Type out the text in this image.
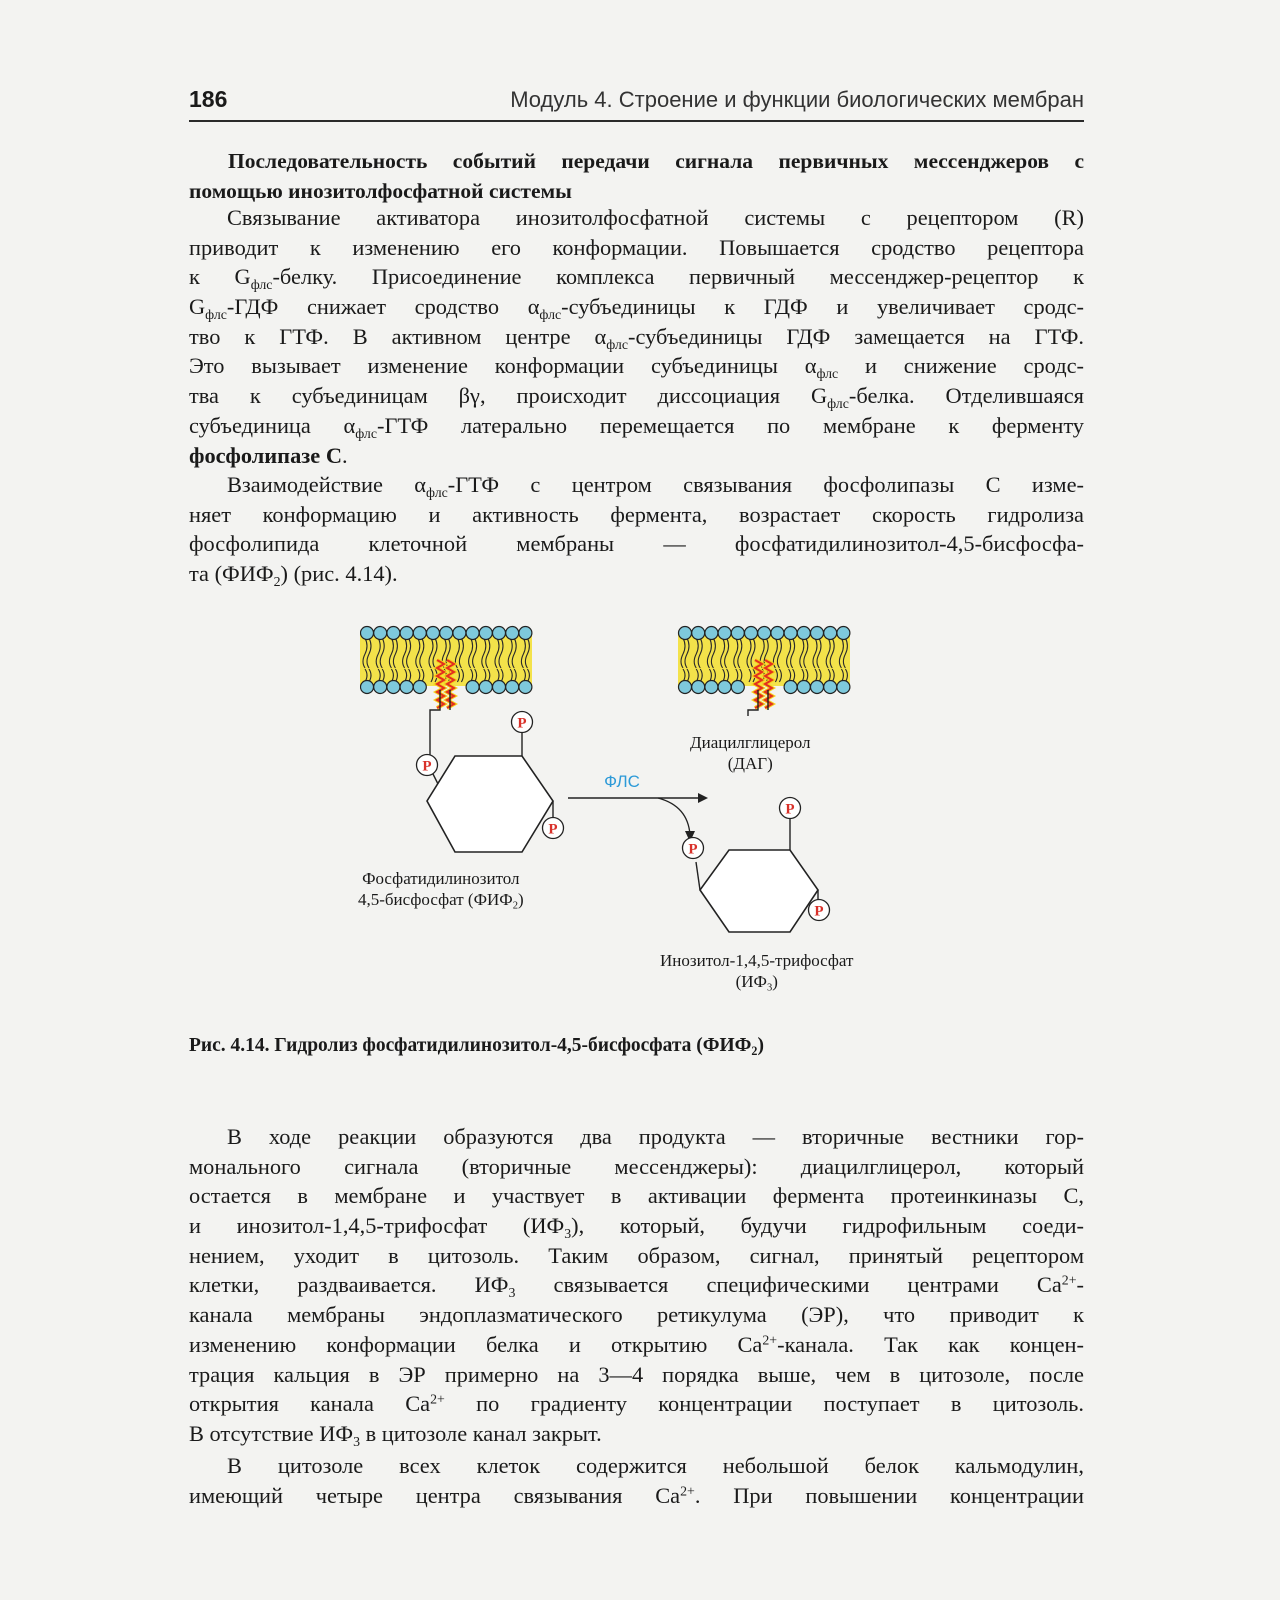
186	Модуль 4. Строение и функции биологических мембран
Последовательность событий передачи сигнала первичных мессенджеров с
помощью инозитолфосфатной системы
Связывание активатора инозитолфосфатной системы с рецептором (R)
приводит к изменению его конформации. Повышается сродство рецептора
к $G_{флс}$-белку. Присоединение комплекса первичный мессенджер-рецептор к
$G_{флс}$-ГДФ снижает сродство $\alpha_{флс}$-субъединицы к ГДФ и увеличивает сродс-
тво к ГТФ. В активном центре $\alpha_{флс}$-субъединицы ГДФ замещается на ГТФ.
Это вызывает изменение конформации субъединицы $\alpha_{флс}$ и снижение сродс-
тва к субъединицам βγ, происходит диссоциация $G_{флс}$-белка. Отделившаяся
субъединица $\alpha_{флс}$-ГТФ латерально перемещается по мембране к ферменту
фосфолипазе С.
Взаимодействие $\alpha_{флс}$-ГТФ с центром связывания фосфолипазы С изме-
няет конформацию и активность фермента, возрастает скорость гидролиза
фосфолипида клеточной мембраны — фосфатидилинозитол-4,5-бисфосфа-
та $(ФИФ_2)$ (рис. 4.14).
P
P
P
ФЛС
P
P
P
Фосфатидилинозитол
4,5-бисфосфат $(ФИФ_2)$
Диацилглицерол
(ДАГ)
Инозитол-1,4,5-трифосфат
$(ИФ_3)$
Рис. 4.14. Гидролиз фосфатидилинозитол-4,5-бисфосфата $(ФИФ_2)$
В ходе реакции образуются два продукта — вторичные вестники гор-
монального сигнала (вторичные мессенджеры): диацилглицерол, который
остается в мембране и участвует в активации фермента протеинкиназы С,
и инозитол-1,4,5-трифосфат $(ИФ_3)$, который, будучи гидрофильным соеди-
нением, уходит в цитозоль. Таким образом, сигнал, принятый рецептором
клетки, раздваивается. $ИФ_3$ связывается специфическими центрами $Са^{2+}-$
канала мембраны эндоплазматического ретикулума (ЭР), что приводит к
изменению конформации белка и открытию $Са^{2+}$-канала. Так как концен-
трация кальция в ЭР примерно на 3—4 порядка выше, чем в цитозоле, после
открытия канала $Са^{2+}$ по градиенту концентрации поступает в цитозоль.
В отсутствие $ИФ_3$ в цитозоле канал закрыт.
В цитозоле всех клеток содержится небольшой белок кальмодулин,
имеющий четыре центра связывания $Са^{2+}$. При повышении концентрации
